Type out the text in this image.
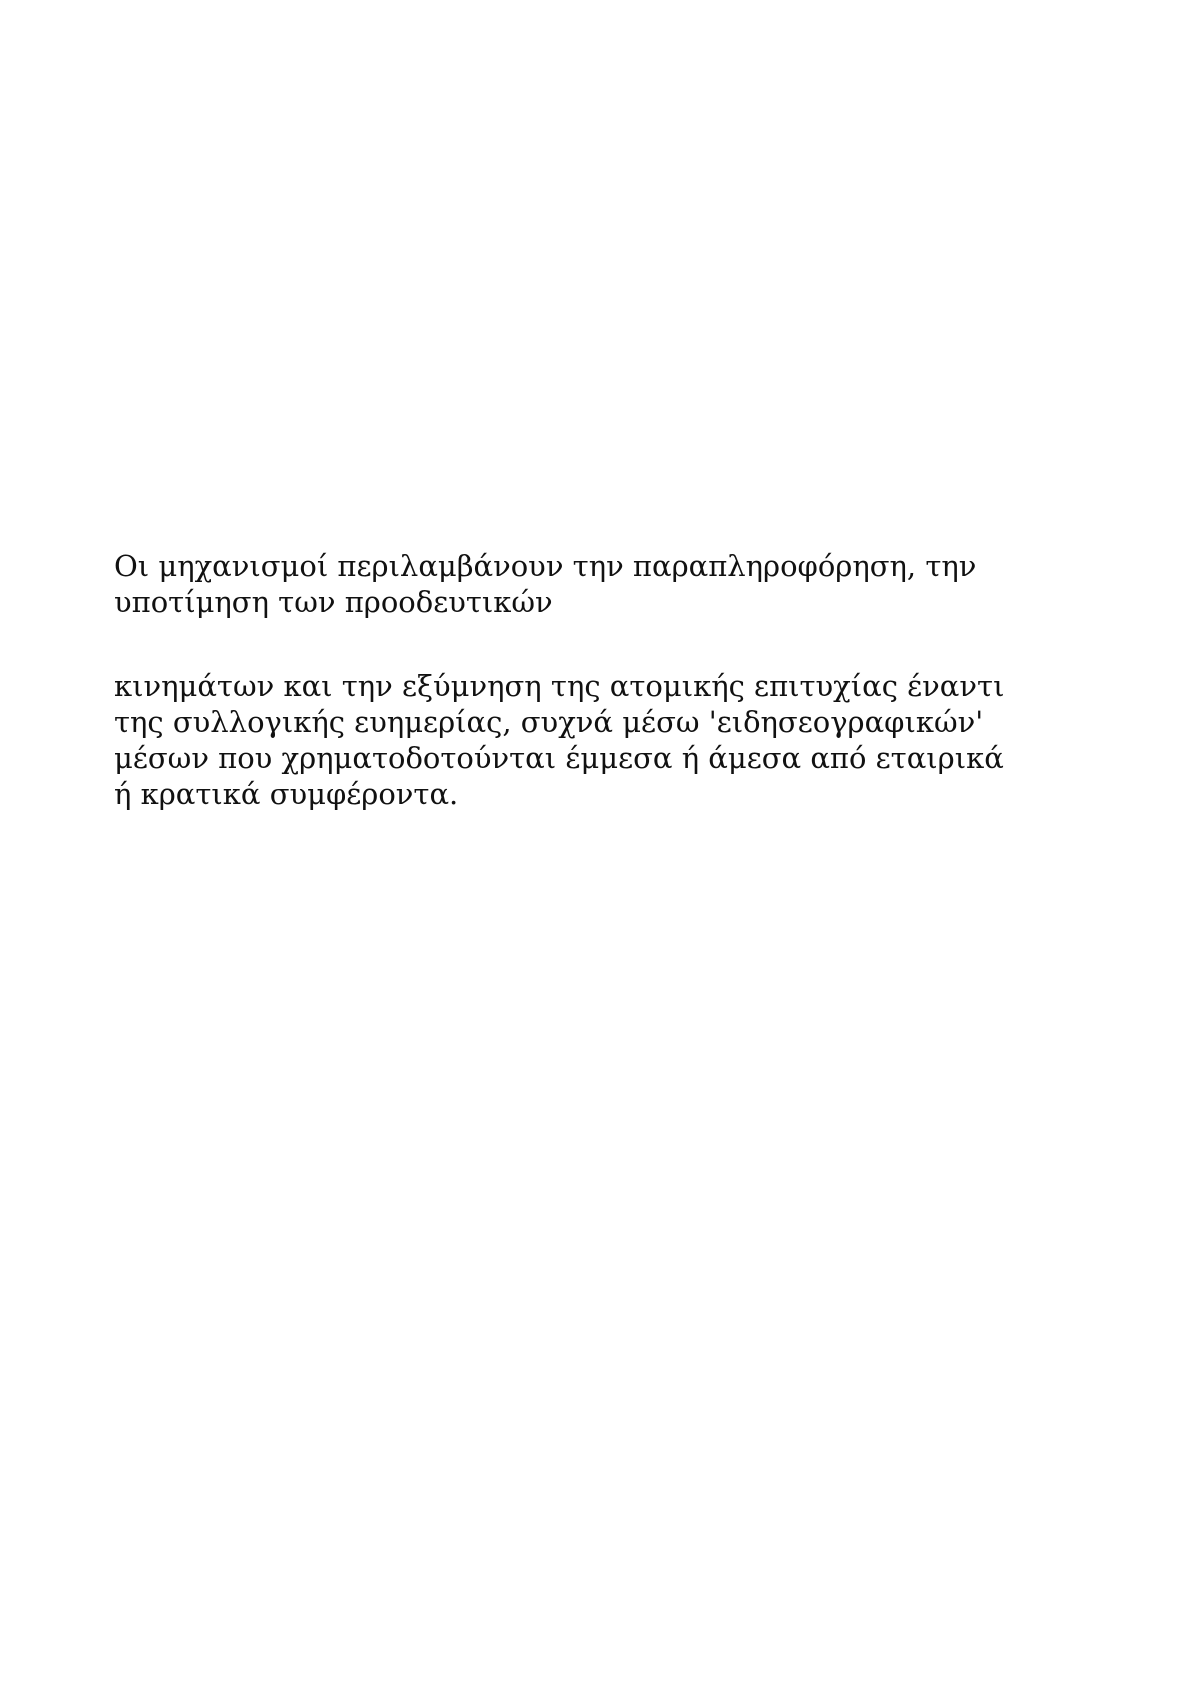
Οι μηχανισμοί περιλαμβάνουν την παραπληροφόρηση, την

υποτίμηση των προοδευτικών

κινημάτων και την εξύμνηση της ατομικής επιτυχίας έναντι

της συλλογικής ευημερίας, συχνά μέσω 'ειδησεογραφικών'

μέσων που χρηματοδοτούνται έμμεσα ή άμεσα από εταιρικά

ή κρατικά συμφέροντα.
